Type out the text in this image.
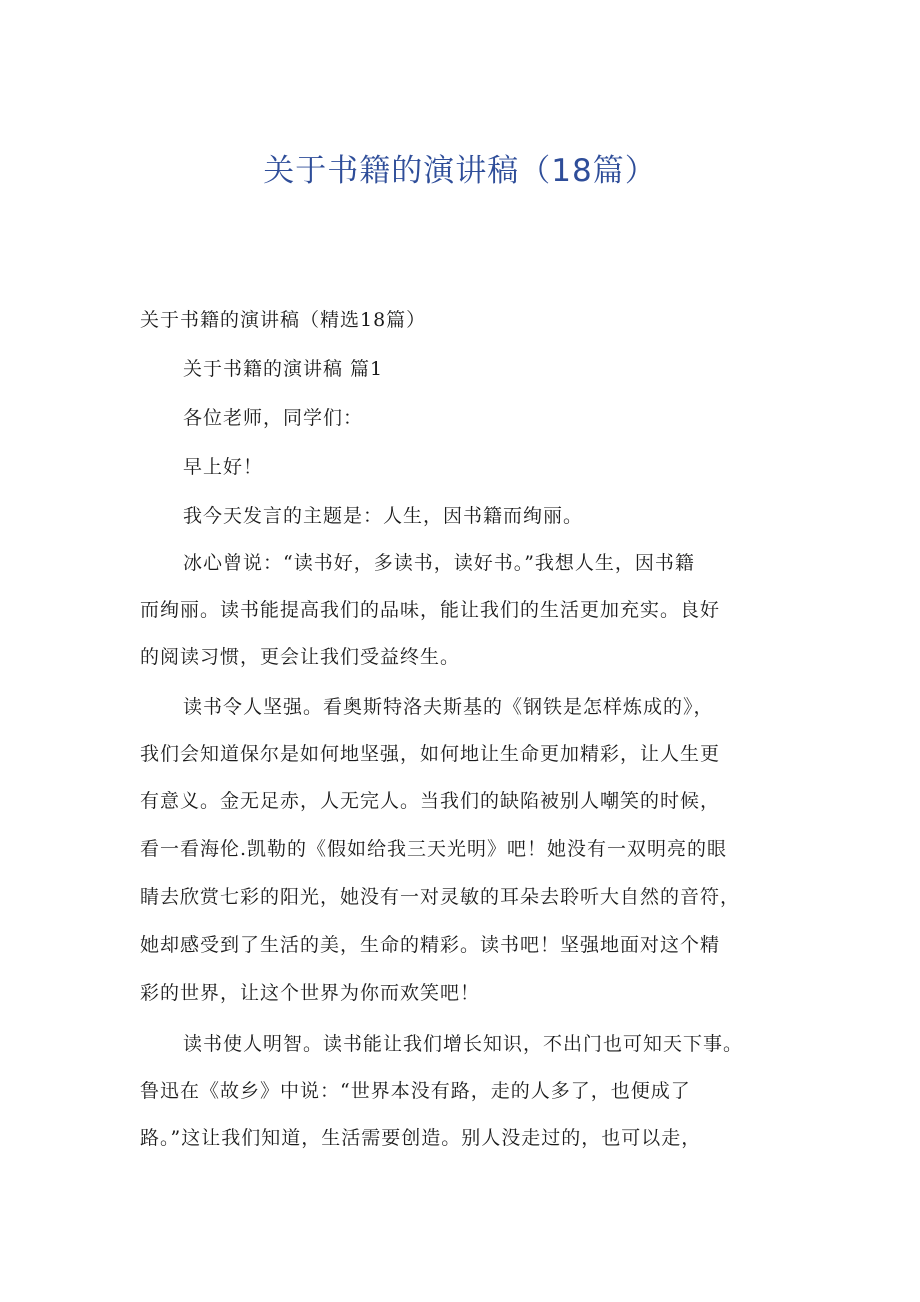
关于书籍的演讲稿（18篇）

关于书籍的演讲稿（精选18篇）

关于书籍的演讲稿 篇1

各位老师，同学们：

早上好！

我今天发言的主题是：人生，因书籍而绚丽。

冰心曾说：“读书好，多读书，读好书。”我想人生，因书籍

而绚丽。读书能提高我们的品味，能让我们的生活更加充实。良好

的阅读习惯，更会让我们受益终生。

读书令人坚强。看奥斯特洛夫斯基的《钢铁是怎样炼成的》，

我们会知道保尔是如何地坚强，如何地让生命更加精彩，让人生更

有意义。金无足赤，人无完人。当我们的缺陷被别人嘲笑的时候，

看一看海伦.凯勒的《假如给我三天光明》吧！她没有一双明亮的眼

睛去欣赏七彩的阳光，她没有一对灵敏的耳朵去聆听大自然的音符，

她却感受到了生活的美，生命的精彩。读书吧！坚强地面对这个精

彩的世界，让这个世界为你而欢笑吧！

读书使人明智。读书能让我们增长知识，不出门也可知天下事。

鲁迅在《故乡》中说：“世界本没有路，走的人多了，也便成了

路。”这让我们知道，生活需要创造。别人没走过的，也可以走，
